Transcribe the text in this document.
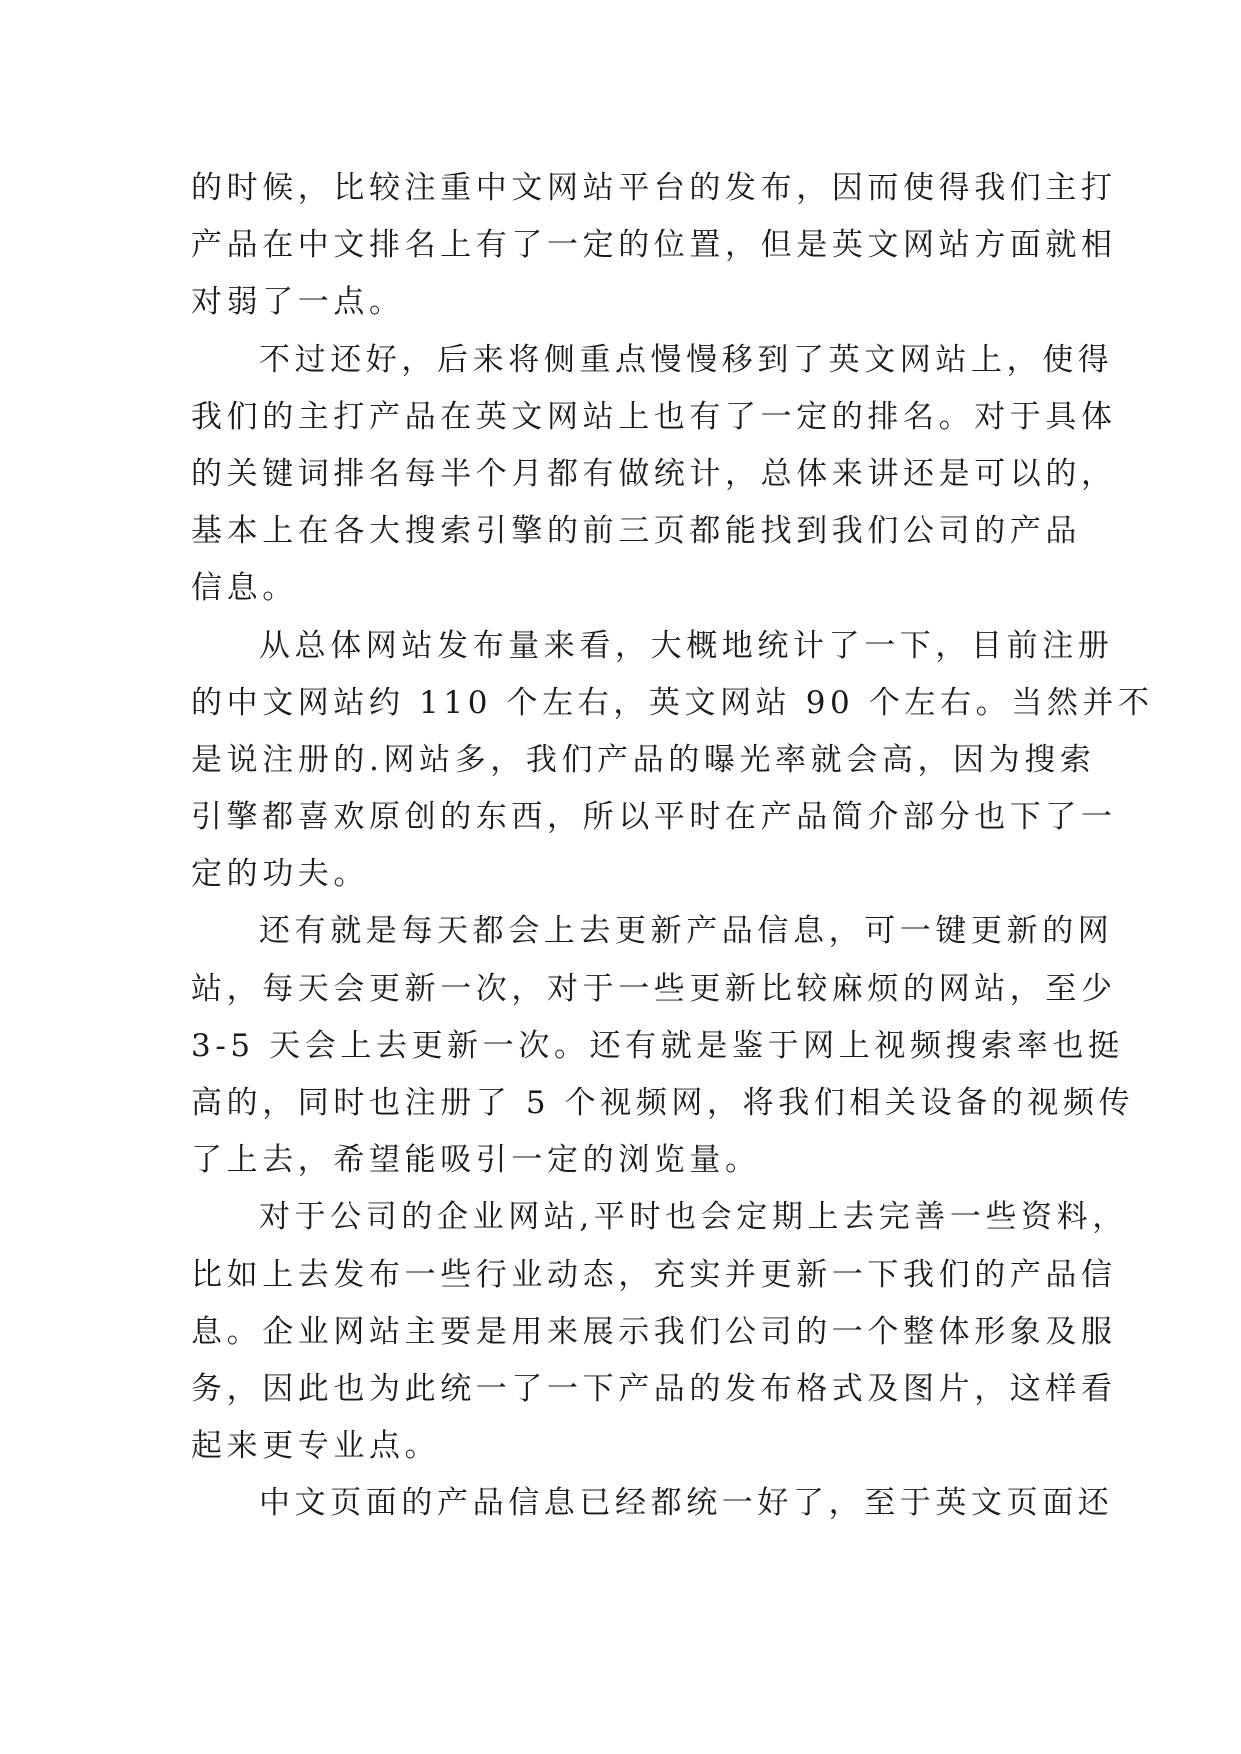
的时候，比较注重中文网站平台的发布，因而使得我们主打
产品在中文排名上有了一定的位置，但是英文网站方面就相
对弱了一点。

不过还好，后来将侧重点慢慢移到了英文网站上，使得
我们的主打产品在英文网站上也有了一定的排名。对于具体
的关键词排名每半个月都有做统计，总体来讲还是可以的，
基本上在各大搜索引擎的前三页都能找到我们公司的产品
信息。

从总体网站发布量来看，大概地统计了一下，目前注册
的中文网站约 110 个左右，英文网站 90 个左右。当然并不
是说注册的.网站多，我们产品的曝光率就会高，因为搜索
引擎都喜欢原创的东西，所以平时在产品简介部分也下了一
定的功夫。

还有就是每天都会上去更新产品信息，可一键更新的网
站，每天会更新一次，对于一些更新比较麻烦的网站，至少
3-5 天会上去更新一次。还有就是鉴于网上视频搜索率也挺
高的，同时也注册了 5 个视频网，将我们相关设备的视频传
了上去，希望能吸引一定的浏览量。

对于公司的企业网站,平时也会定期上去完善一些资料，
比如上去发布一些行业动态，充实并更新一下我们的产品信
息。企业网站主要是用来展示我们公司的一个整体形象及服
务，因此也为此统一了一下产品的发布格式及图片，这样看
起来更专业点。

中文页面的产品信息已经都统一好了，至于英文页面还
